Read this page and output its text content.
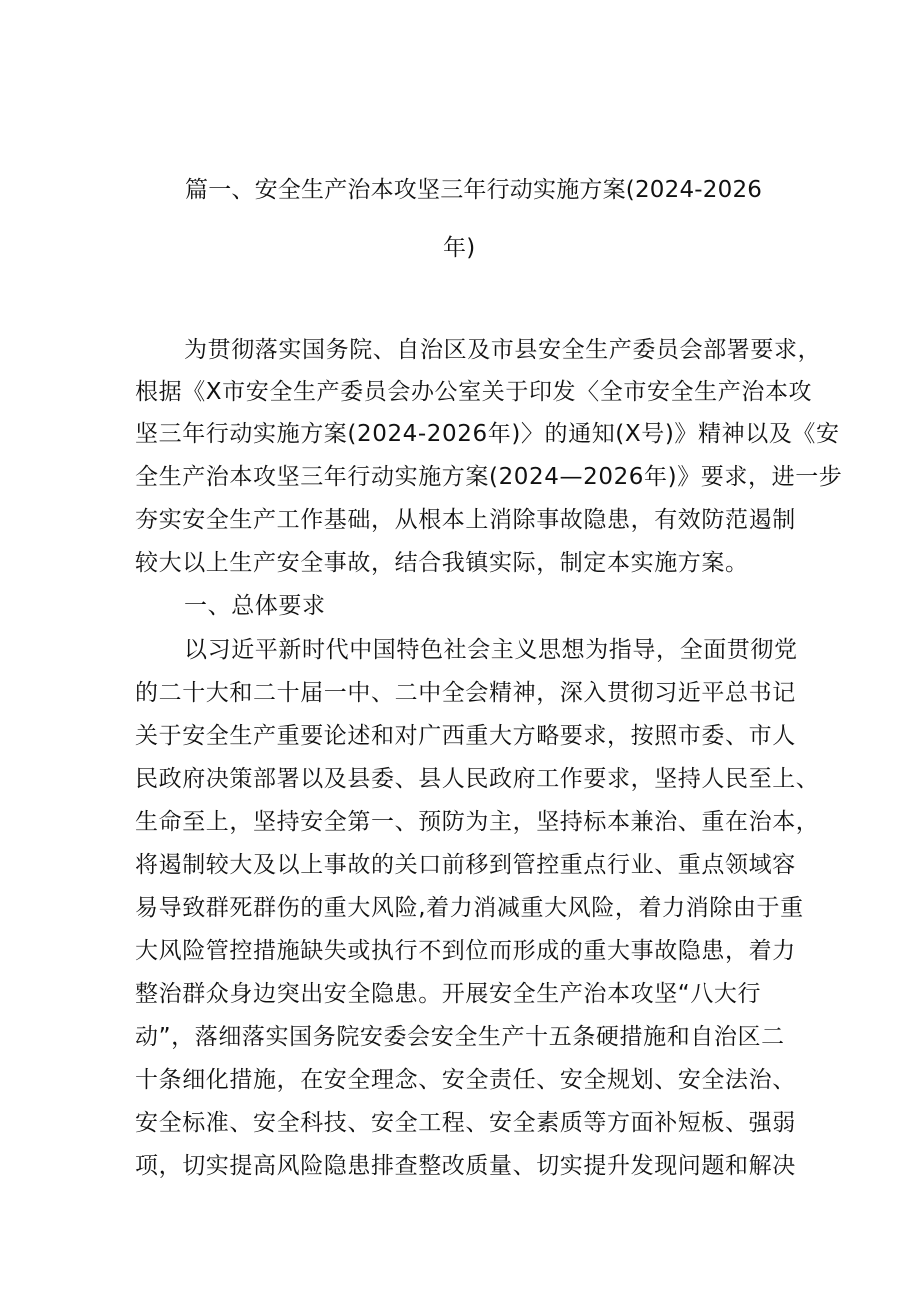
篇一、安全生产治本攻坚三年行动实施方案(2024-2026
年)
为贯彻落实国务院、自治区及市县安全生产委员会部署要求，
根据《X市安全生产委员会办公室关于印发〈全市安全生产治本攻
坚三年行动实施方案(2024-2026年)〉的通知(X号)》精神以及《安
全生产治本攻坚三年行动实施方案(2024—2026年)》要求，进一步
夯实安全生产工作基础，从根本上消除事故隐患，有效防范遏制
较大以上生产安全事故，结合我镇实际，制定本实施方案。
一、总体要求
以习近平新时代中国特色社会主义思想为指导，全面贯彻党
的二十大和二十届一中、二中全会精神，深入贯彻习近平总书记
关于安全生产重要论述和对广西重大方略要求，按照市委、市人
民政府决策部署以及县委、县人民政府工作要求，坚持人民至上、
生命至上，坚持安全第一、预防为主，坚持标本兼治、重在治本，
将遏制较大及以上事故的关口前移到管控重点行业、重点领域容
易导致群死群伤的重大风险,着力消减重大风险，着力消除由于重
大风险管控措施缺失或执行不到位而形成的重大事故隐患，着力
整治群众身边突出安全隐患。开展安全生产治本攻坚“八大行
动”，落细落实国务院安委会安全生产十五条硬措施和自治区二
十条细化措施，在安全理念、安全责任、安全规划、安全法治、
安全标准、安全科技、安全工程、安全素质等方面补短板、强弱
项，切实提高风险隐患排查整改质量、切实提升发现问题和解决
